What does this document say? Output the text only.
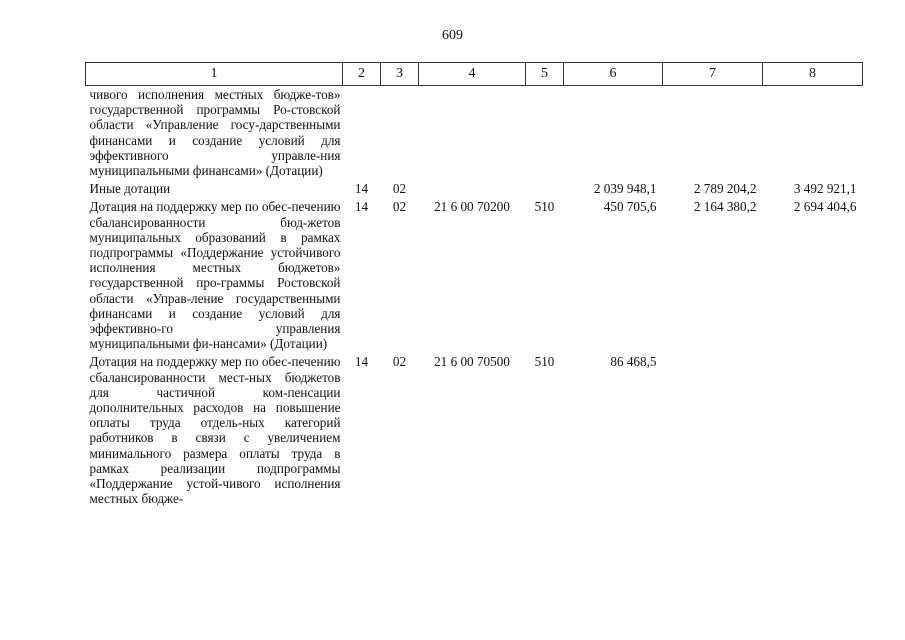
609
1	2	3	4	5	6	7	8
чивого исполнения местных бюдже-тов» государственной программы Ро-стовской области «Управление госу-дарственными финансами и создание условий для эффективного управле-ния муниципальными финансами» (Дотации)							
Иные дотации	14	02			2 039 948,1	2 789 204,2	3 492 921,1
Дотация на поддержку мер по обес-печению сбалансированности бюд-жетов муниципальных образований в рамках подпрограммы «Поддержание устойчивого исполнения местных бюджетов» государственной про-граммы Ростовской области «Управ-ление государственными финансами и создание условий для эффективно-го управления муниципальными фи-нансами» (Дотации)	14	02	21 6 00 70200	510	450 705,6	2 164 380,2	2 694 404,6
Дотация на поддержку мер по обес-печению сбалансированности мест-ных бюджетов для частичной ком-пенсации дополнительных расходов на повышение оплаты труда отдель-ных категорий работников в связи с увеличением минимального размера оплаты труда в рамках реализации подпрограммы «Поддержание устой-чивого исполнения местных бюдже-	14	02	21 6 00 70500	510	86 468,5		
